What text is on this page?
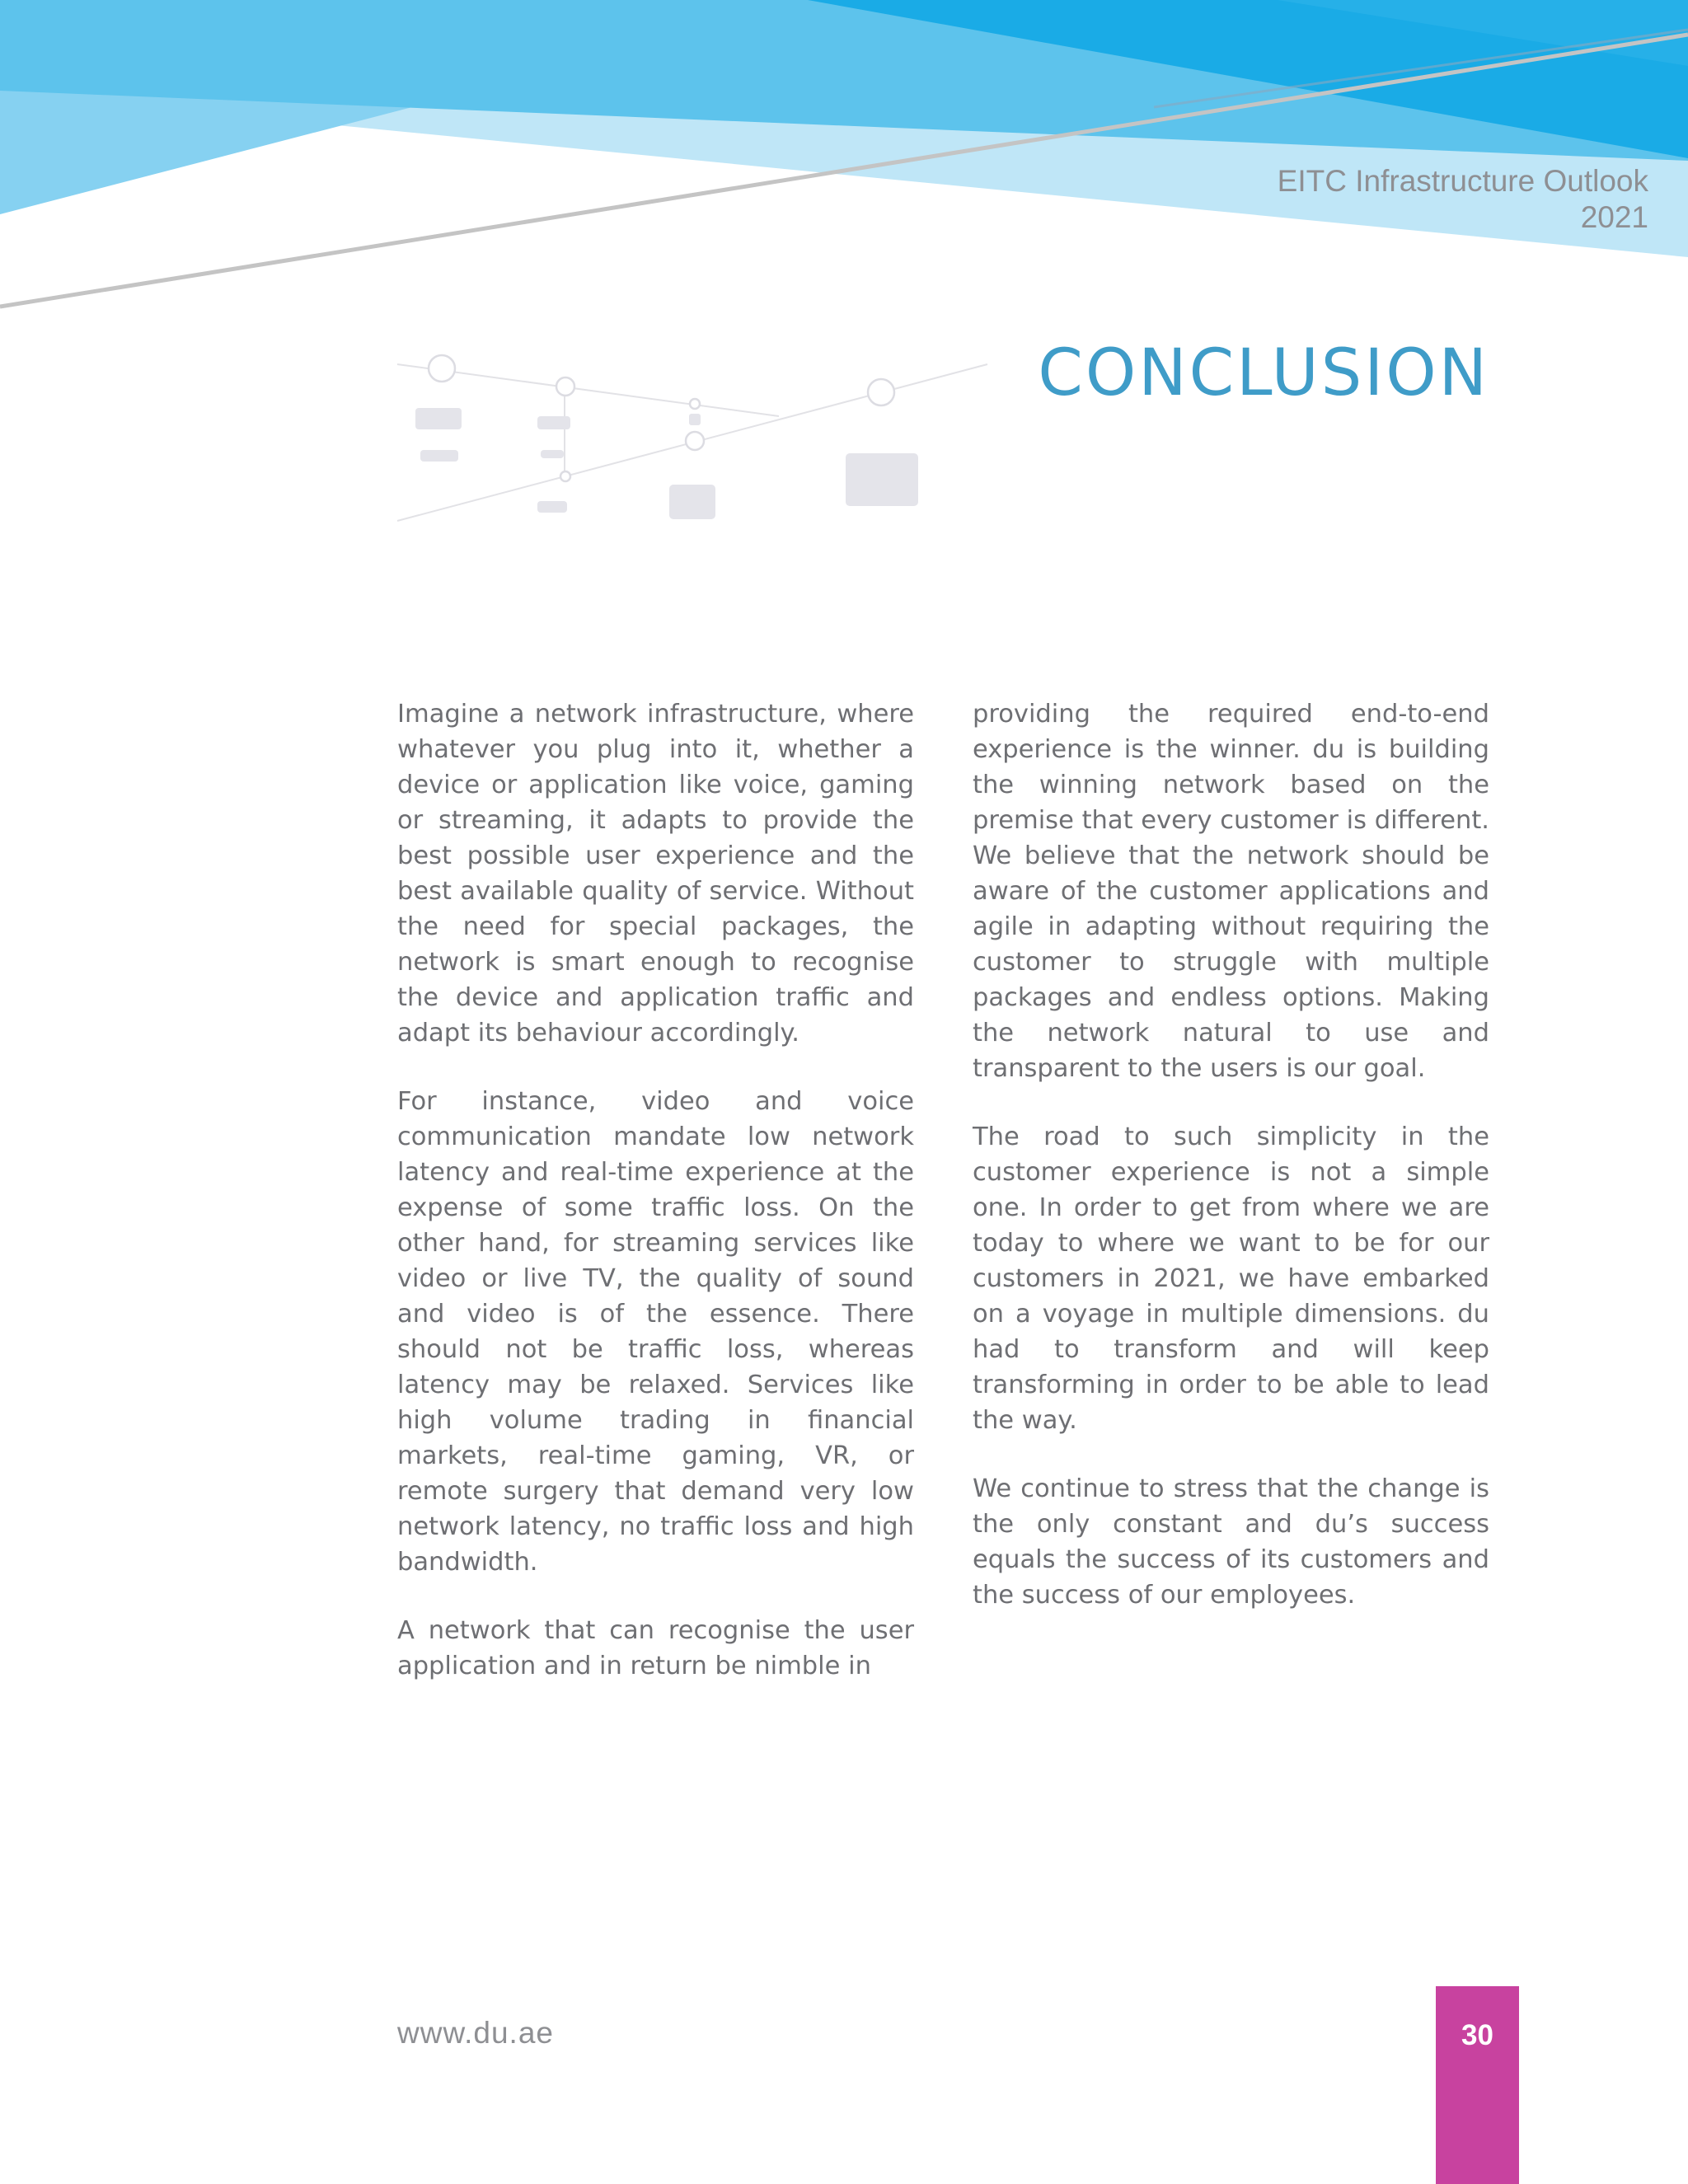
EITC Infrastructure Outlook
2021
CONCLUSION

Imagine a network infrastructure, where whatever you plug into it, whether a device or application like voice, gaming or streaming, it adapts to provide the best possible user experience and the best available quality of service. Without the need for special packages, the network is smart enough to recognise the device and application traffic and adapt its behaviour accordingly.

For instance, video and voice communication mandate low network latency and real-time experience at the expense of some traffic loss. On the other hand, for streaming services like video or live TV, the quality of sound and video is of the essence. There should not be traffic loss, whereas latency may be relaxed. Services like high volume trading in financial markets, real-time gaming, VR, or remote surgery that demand very low network latency, no traffic loss and high bandwidth.

A network that can recognise the user application and in return be nimble in

providing the required end-to-end experience is the winner. du is building the winning network based on the premise that every customer is different. We believe that the network should be aware of the customer applications and agile in adapting without requiring the customer to struggle with multiple packages and endless options. Making the network natural to use and transparent to the users is our goal.

The road to such simplicity in the customer experience is not a simple one. In order to get from where we are today to where we want to be for our customers in 2021, we have embarked on a voyage in multiple dimensions. du had to transform and will keep transforming in order to be able to lead the way.

We continue to stress that the change is the only constant and du’s success equals the success of its customers and the success of our employees.

www.du.ae	30
